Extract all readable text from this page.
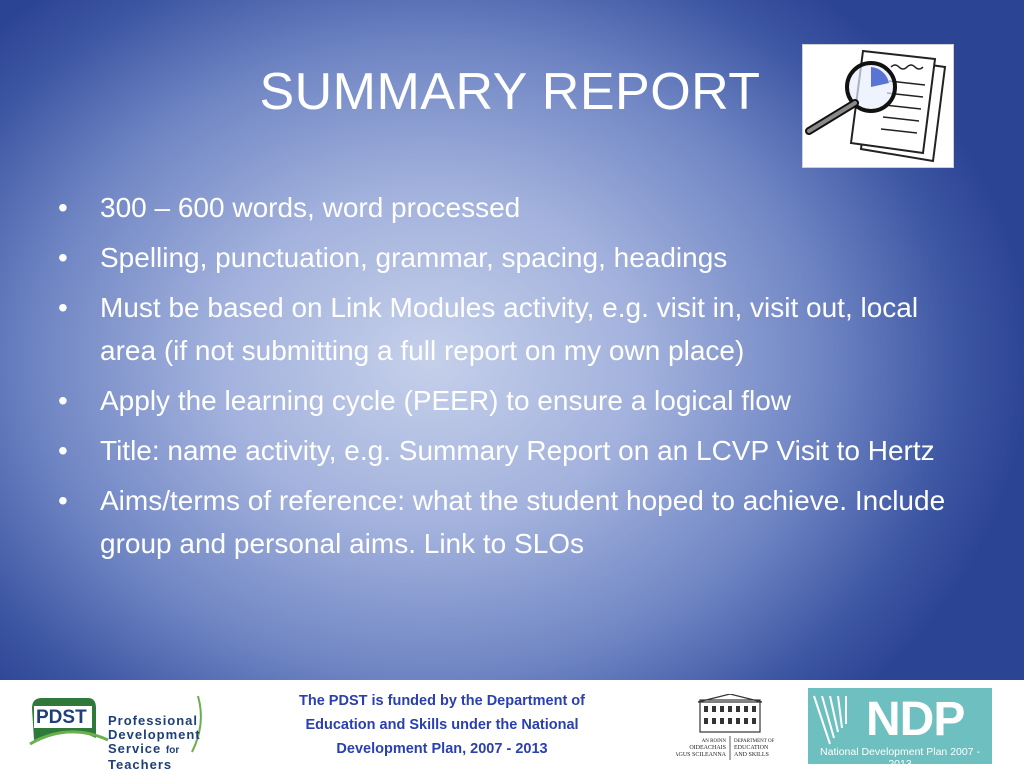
SUMMARY REPORT
• 300 – 600 words, word processed
• Spelling, punctuation, grammar, spacing, headings
• Must be based on Link Modules activity, e.g. visit in, visit out, local area (if not submitting a full report on my own place)
• Apply the learning cycle (PEER) to ensure a logical flow
• Title: name activity, e.g. Summary Report on an LCVP Visit to Hertz
• Aims/terms of reference: what the student hoped to achieve. Include group and personal aims. Link to SLOs
PDST Professional
Development
Service for Teachers
The PDST is funded by the Department of
Education and Skills under the National
Development Plan, 2007 - 2013	AN ROINN
OIDEACHAIS
AGUS SCILEANNA
DEPARTMENT OF
EDUCATION
AND SKILLS
NDP
National Development Plan 2007 - 2013
